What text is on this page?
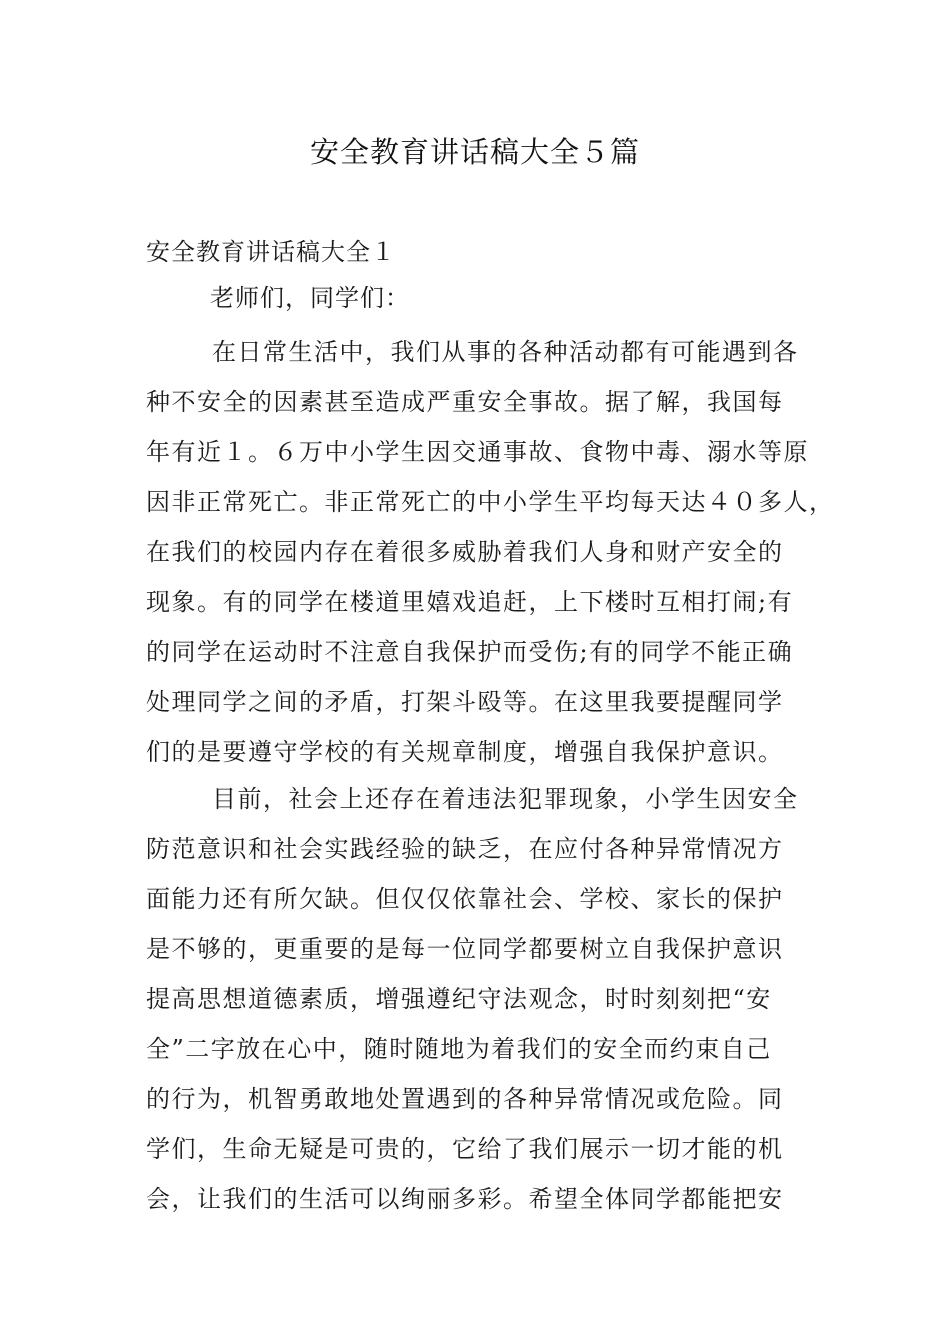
安全教育讲话稿大全５篇
安全教育讲话稿大全１
老师们，同学们：
在日常生活中，我们从事的各种活动都有可能遇到各
种不安全的因素甚至造成严重安全事故。据了解，我国每
年有近１。６万中小学生因交通事故、食物中毒、溺水等原
因非正常死亡。非正常死亡的中小学生平均每天达４０多人，
在我们的校园内存在着很多威胁着我们人身和财产安全的
现象。有的同学在楼道里嬉戏追赶，上下楼时互相打闹;有
的同学在运动时不注意自我保护而受伤;有的同学不能正确
处理同学之间的矛盾，打架斗殴等。在这里我要提醒同学
们的是要遵守学校的有关规章制度，增强自我保护意识。
目前，社会上还存在着违法犯罪现象，小学生因安全
防范意识和社会实践经验的缺乏，在应付各种异常情况方
面能力还有所欠缺。但仅仅依靠社会、学校、家长的保护
是不够的，更重要的是每一位同学都要树立自我保护意识
提高思想道德素质，增强遵纪守法观念，时时刻刻把“安
全”二字放在心中，随时随地为着我们的安全而约束自己
的行为，机智勇敢地处置遇到的各种异常情况或危险。同
学们，生命无疑是可贵的，它给了我们展示一切才能的机
会，让我们的生活可以绚丽多彩。希望全体同学都能把安
